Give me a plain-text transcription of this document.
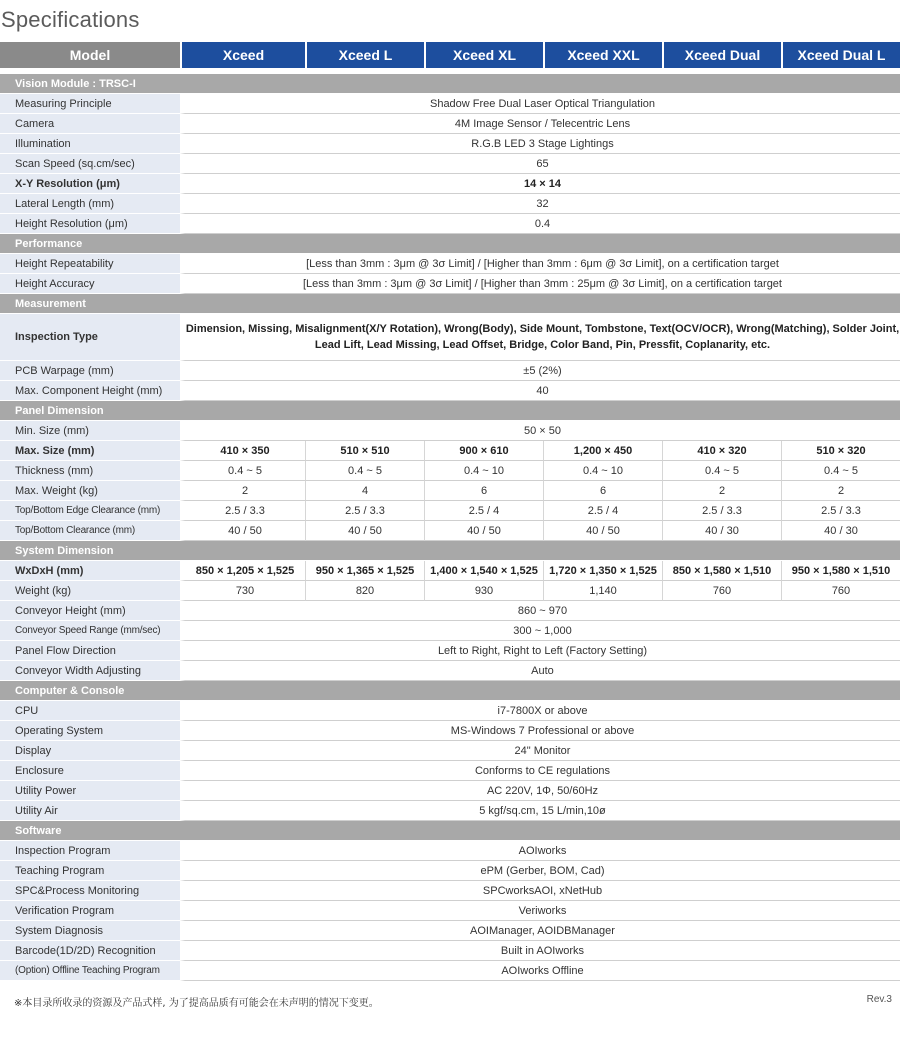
Specifications
Model	Xceed	Xceed L	Xceed XL	Xceed XXL	Xceed Dual	Xceed Dual L

Vision Module : TRSC-I						
Measuring Principle	Shadow Free Dual Laser Optical Triangulation					
Camera	4M Image Sensor / Telecentric Lens					
Illumination	R.G.B LED 3 Stage Lightings					
Scan Speed (sq.cm/sec)	65					
X-Y Resolution (μm)	14 × 14					
Lateral Length (mm)	32					
Height Resolution (μm)	0.4					
Performance						
Height Repeatability	[Less than 3mm : 3μm @ 3σ Limit] / [Higher than 3mm : 6μm @ 3σ Limit], on a certification target					
Height Accuracy	[Less than 3mm : 3μm @ 3σ Limit] / [Higher than 3mm : 25μm @ 3σ Limit], on a certification target					
Measurement						
Inspection Type	Dimension, Missing, Misalignment(X/Y Rotation), Wrong(Body), Side Mount, Tombstone, Text(OCV/OCR), Wrong(Matching), Solder Joint, Lead Lift, Lead Missing, Lead Offset, Bridge, Color Band, Pin, Pressfit, Coplanarity, etc.					
PCB Warpage (mm)	±5 (2%)					
Max. Component Height (mm)	40					
Panel Dimension						
Min. Size (mm)	50 × 50					
Max. Size (mm)	410 × 350	510 × 510	900 × 610	1,200 × 450	410 × 320	510 × 320
Thickness (mm)	0.4 ~ 5	0.4 ~ 5	0.4 ~ 10	0.4 ~ 10	0.4 ~ 5	0.4 ~ 5
Max. Weight (kg)	2	4	6	6	2	2
Top/Bottom Edge Clearance (mm)	2.5 / 3.3	2.5 / 3.3	2.5 / 4	2.5 / 4	2.5 / 3.3	2.5 / 3.3
Top/Bottom Clearance (mm)	40 / 50	40 / 50	40 / 50	40 / 50	40 / 30	40 / 30
System Dimension						
WxDxH (mm)	850 × 1,205 × 1,525	950 × 1,365 × 1,525	1,400 × 1,540 × 1,525	1,720 × 1,350 × 1,525	850 × 1,580 × 1,510	950 × 1,580 × 1,510
Weight (kg)	730	820	930	1,140	760	760
Conveyor Height (mm)	860 ~ 970					
Conveyor Speed Range (mm/sec)	300 ~ 1,000					
Panel Flow Direction	Left to Right, Right to Left (Factory Setting)					
Conveyor Width Adjusting	Auto					
Computer & Console						
CPU	i7-7800X or above					
Operating System	MS-Windows 7 Professional or above					
Display	24" Monitor					
Enclosure	Conforms to CE regulations					
Utility Power	AC 220V, 1Φ, 50/60Hz					
Utility Air	5 kgf/sq.cm, 15 L/min,10ø					
Software						
Inspection Program	AOIworks					
Teaching Program	ePM (Gerber, BOM, Cad)					
SPC&Process Monitoring	SPCworksAOI, xNetHub					
Verification Program	Veriworks					
System Diagnosis	AOIManager, AOIDBManager					
Barcode(1D/2D) Recognition	Built in AOIworks					
(Option) Offline Teaching Program	AOIworks Offline					
※本目录所收录的资源及产品式样, 为了提高品质有可能会在未声明的情况下变更。	Rev.3
